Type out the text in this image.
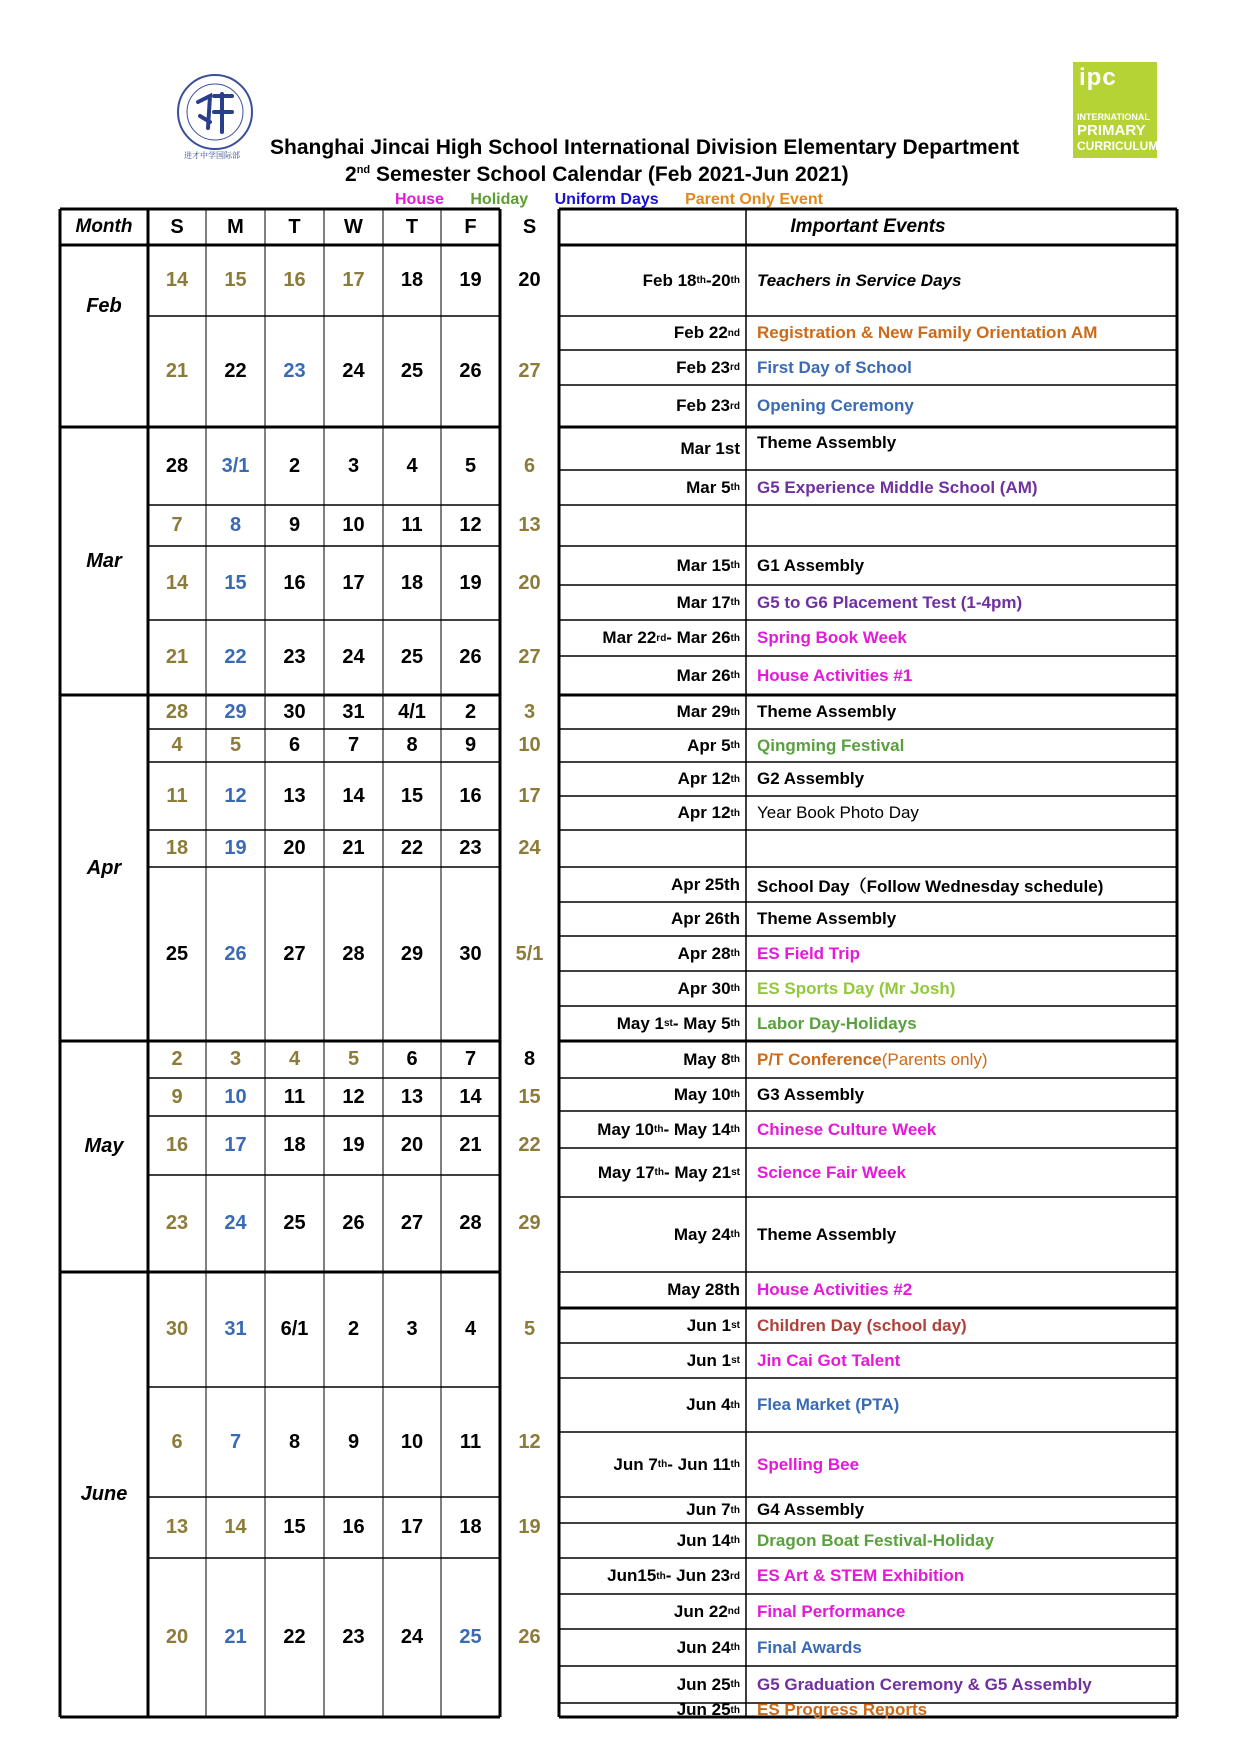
进才中学国际部
ipc
INTERNATIONAL
PRIMARY
CURRICULUM
Shanghai Jincai High School International Division Elementary Department
2nd Semester School Calendar (Feb 2021-Jun 2021)
House Holiday Uniform Days Parent Only Event
Month	S	M	T	W	T	F	S	Important Events
Feb
Mar
Apr
May
June
14	15	16	17	18	19	20
21	22	23	24	25	26	27
28	3/1	2	3	4	5	6
7	8	9	10	11	12	13
14	15	16	17	18	19	20
21	22	23	24	25	26	27
28	29	30	31	4/1	2	3
4	5	6	7	8	9	10
11	12	13	14	15	16	17
18	19	20	21	22	23	24
25	26	27	28	29	30	5/1
2	3	4	5	6	7	8
9	10	11	12	13	14	15
16	17	18	19	20	21	22
23	24	25	26	27	28	29
30	31	6/1	2	3	4	5
6	7	8	9	10	11	12
13	14	15	16	17	18	19
20	21	22	23	24	25	26
Feb 18 th -20 th Teachers in Service Days
Feb 22 nd Registration & New Family Orientation AM
Feb 23 rd First Day of School
Feb 23 rd Opening Ceremony
Mar 1st Theme Assembly
Mar 5 th G5 Experience Middle School (AM)
Mar 15 th G1 Assembly
Mar 17 th G5 to G6 Placement Test (1-4pm)
Mar 22 rd - Mar 26 th Spring Book Week
Mar 26 th House Activities #1
Mar 29 th Theme Assembly
Apr 5 th Qingming Festival
Apr 12 th G2 Assembly
Apr 12 th Year Book Photo Day
Apr 25th School Day（Follow Wednesday schedule)
Apr 26th Theme Assembly
Apr 28 th ES Field Trip
Apr 30 th ES Sports Day (Mr Josh)
May 1 st - May 5 th Labor Day-Holidays
May 8 th P/T Conference (Parents only)
May 10 th G3 Assembly
May 10 th - May 14 th Chinese Culture Week
May 17 th - May 21 st Science Fair Week
May 24 th Theme Assembly
May 28th House Activities #2
Jun 1 st Children Day (school day)
Jun 1 st Jin Cai Got Talent
Jun 4 th Flea Market (PTA)
Jun 7 th - Jun 11 th Spelling Bee
Jun 7 th G4 Assembly
Jun 14 th Dragon Boat Festival-Holiday
Jun15 th - Jun 23 rd ES Art & STEM Exhibition
Jun 22 nd Final Performance
Jun 24 th Final Awards
Jun 25 th G5 Graduation Ceremony & G5 Assembly
Jun 25 th ES Progress Reports
